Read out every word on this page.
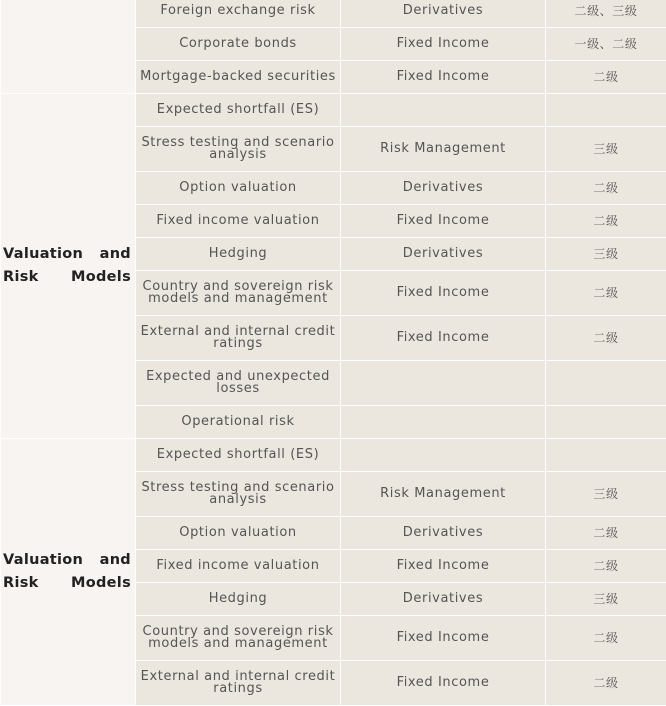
	Foreign exchange risk	Derivatives	二级、三级
	Corporate bonds	Fixed Income	一级、二级
	Mortgage-backed securities	Fixed Income	二级
Valuation and Risk Models	Expected shortfall (ES)		
	Stress testing and scenario analysis	Risk Management	三级
	Option valuation	Derivatives	二级
	Fixed income valuation	Fixed Income	二级
	Hedging	Derivatives	三级
	Country and sovereign risk models and management	Fixed Income	二级
	External and internal credit ratings	Fixed Income	二级
	Expected and unexpected losses		
	Operational risk		
Valuation and Risk Models	Expected shortfall (ES)		
	Stress testing and scenario analysis	Risk Management	三级
	Option valuation	Derivatives	二级
	Fixed income valuation	Fixed Income	二级
	Hedging	Derivatives	三级
	Country and sovereign risk models and management	Fixed Income	二级
	External and internal credit ratings	Fixed Income	二级
